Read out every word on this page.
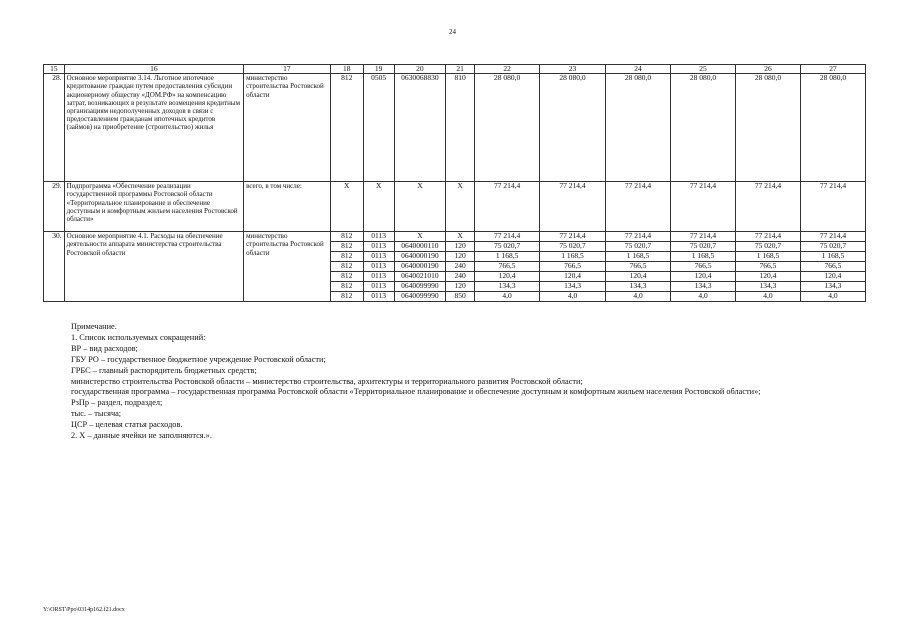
24
15	16	17	18	19	20	21	22	23	24	25	26	27
28.	Основное мероприятие 3.14. Льготное ипотечное кредитование граждан путем предоставления субсидии акционерному обществу «ДОМ.РФ» на компенсацию затрат, возникающих в результате возмещения кредитным организациям недополученных доходов в связи с предоставлением гражданам ипотечных кредитов (займов) на приобретение (строительство) жилья	министерство строительства Ростовской области	812	0505	0630068830	810	28 080,0	28 080,0	28 080,0	28 080,0	28 080,0	28 080,0
29.	Подпрограмма «Обеспечение реализации государственной программы Ростовской области «Территориальное планирование и обеспечение доступным и комфортным жильем населения Ростовской области»	всего, в том числе:	X	X	X	X	77 214,4	77 214,4	77 214,4	77 214,4	77 214,4	77 214,4
30.	Основное мероприятие 4.1. Расходы на обеспечение деятельности аппарата министерства строительства Ростовской области	министерство строительства Ростовской области	812	0113	X	X	77 214,4	77 214,4	77 214,4	77 214,4	77 214,4	77 214,4
			812	0113	0640000110	120	75 020,7	75 020,7	75 020,7	75 020,7	75 020,7	75 020,7
			812	0113	0640000190	120	1 168,5	1 168,5	1 168,5	1 168,5	1 168,5	1 168,5
			812	0113	0640000190	240	766,5	766,5	766,5	766,5	766,5	766,5
			812	0113	0640021010	240	120,4	120,4	120,4	120,4	120,4	120,4
			812	0113	0640099990	120	134,3	134,3	134,3	134,3	134,3	134,3
			812	0113	0640099990	850	4,0	4,0	4,0	4,0	4,0	4,0

Примечание.

1. Список используемых сокращений:

ВР – вид расходов;

ГБУ РО – государственное бюджетное учреждение Ростовской области;

ГРБС – главный распорядитель бюджетных средств;

министерство строительства Ростовской области – министерство строительства, архитектуры и территориального развития Ростовской области;

государственная программа – государственная программа Ростовской области «Территориальное планирование и обеспечение доступным и комфортным жильем населения Ростовской области»;

РзПр – раздел, подраздел;

тыс. – тысяча;

ЦСР – целевая статья расходов.

2. Х – данные ячейки не заполняются.».

Y:\ORST\Ppo\0314p162.f21.docx
